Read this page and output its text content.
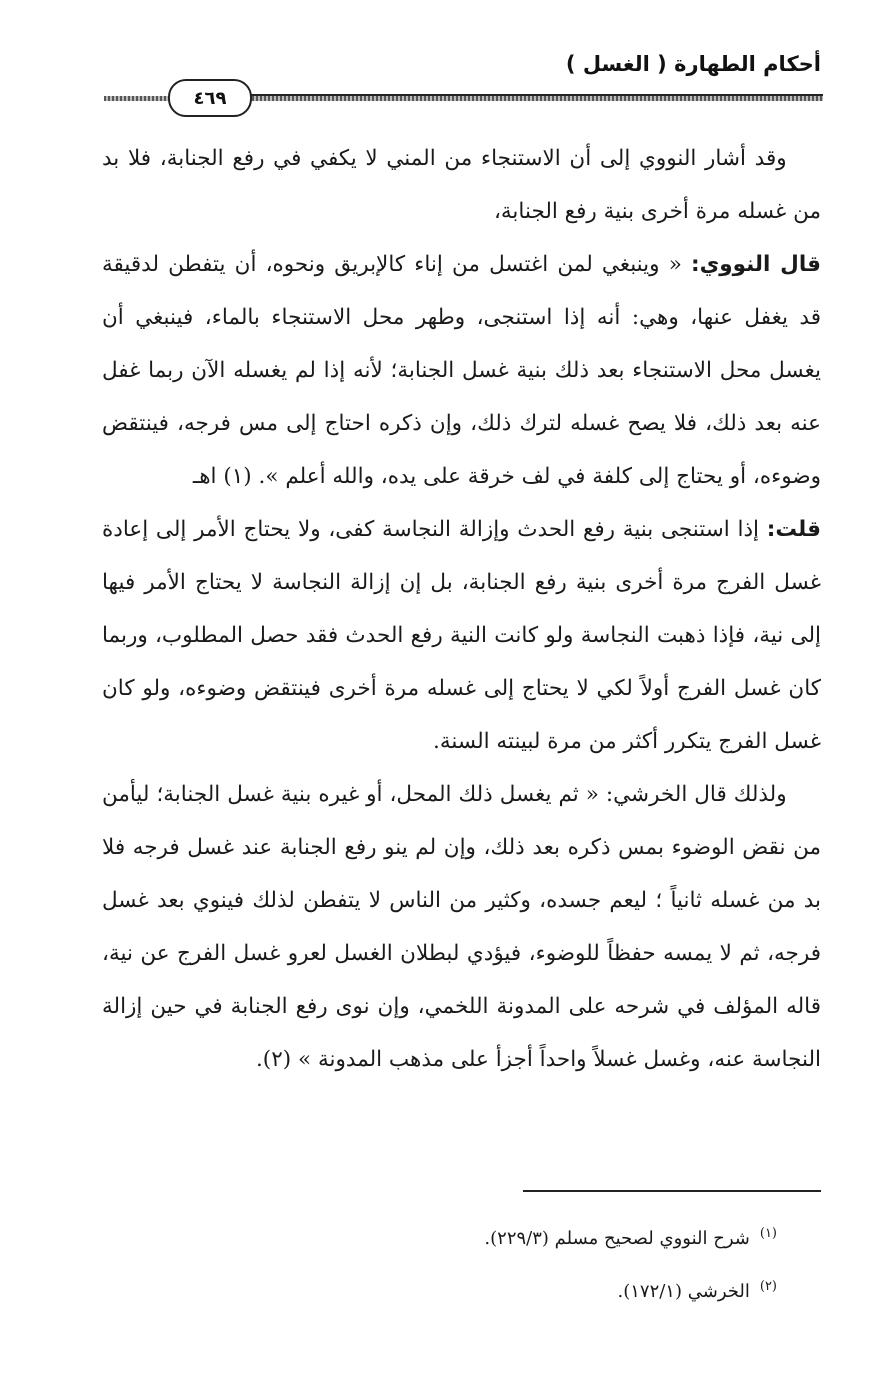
أحكام الطهارة ( الغسل )
٤٦٩

وقد أشار النووي إلى أن الاستنجاء من المني لا يكفي في رفع الجنابة، فلا بد من غسله مرة أخرى بنية رفع الجنابة،

قال النووي: « وينبغي لمن اغتسل من إناء كالإبريق ونحوه، أن يتفطن لدقيقة قد يغفل عنها، وهي: أنه إذا استنجى، وطهر محل الاستنجاء بالماء، فينبغي أن يغسل محل الاستنجاء بعد ذلك بنية غسل الجنابة؛ لأنه إذا لم يغسله الآن ربما غفل عنه بعد ذلك، فلا يصح غسله لترك ذلك، وإن ذكره احتاج إلى مس فرجه، فينتقض وضوءه، أو يحتاج إلى كلفة في لف خرقة على يده، والله أعلم ». (١) اهـ

قلت: إذا استنجى بنية رفع الحدث وإزالة النجاسة كفى، ولا يحتاج الأمر إلى إعادة غسل الفرج مرة أخرى بنية رفع الجنابة، بل إن إزالة النجاسة لا يحتاج الأمر فيها إلى نية، فإذا ذهبت النجاسة ولو كانت النية رفع الحدث فقد حصل المطلوب، وربما كان غسل الفرج أولاً لكي لا يحتاج إلى غسله مرة أخرى فينتقض وضوءه، ولو كان غسل الفرج يتكرر أكثر من مرة لبينته السنة.

ولذلك قال الخرشي: « ثم يغسل ذلك المحل، أو غيره بنية غسل الجنابة؛ ليأمن من نقض الوضوء بمس ذكره بعد ذلك، وإن لم ينو رفع الجنابة عند غسل فرجه فلا بد من غسله ثانياً ؛ ليعم جسده، وكثير من الناس لا يتفطن لذلك فينوي بعد غسل فرجه، ثم لا يمسه حفظاً للوضوء، فيؤدي لبطلان الغسل لعرو غسل الفرج عن نية، قاله المؤلف في شرحه على المدونة اللخمي، وإن نوى رفع الجنابة في حين إزالة النجاسة عنه، وغسل غسلاً واحداً أجزأ على مذهب المدونة » (٢).

$^{(١)}$شرح النووي لصحيح مسلم (٢٢٩/٣).

$^{(٢)}$الخرشي (١٧٢/١).
